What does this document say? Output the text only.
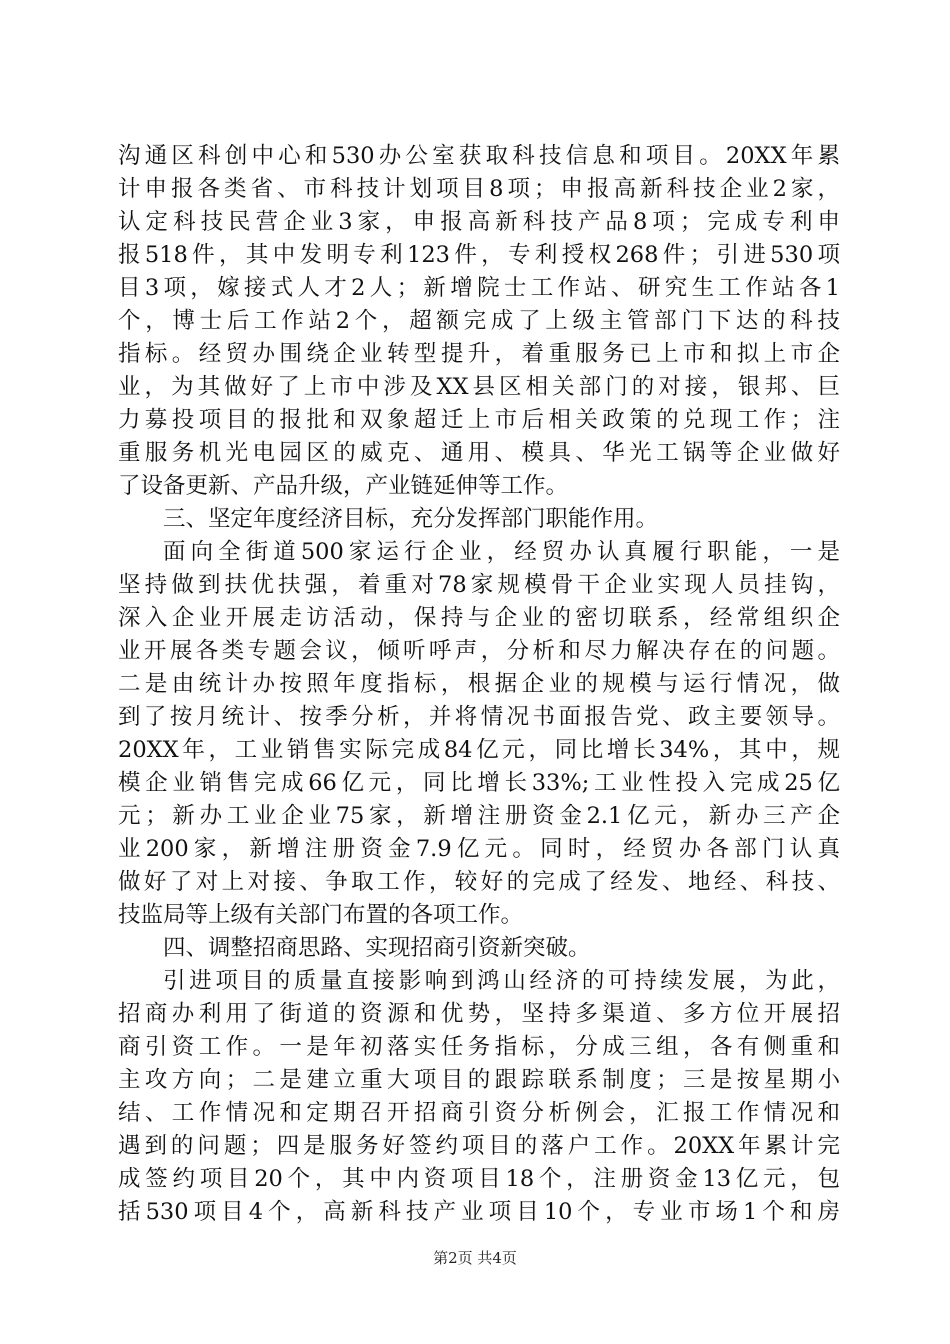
沟通区科创中心和530办公室获取科技信息和项目。20XX年累
计申报各类省、市科技计划项目8项；申报高新科技企业2家，
认定科技民营企业3家，申报高新科技产品8项；完成专利申
报518件，其中发明专利123件，专利授权268件；引进530项
目3项，嫁接式人才2人；新增院士工作站、研究生工作站各1
个，博士后工作站2个，超额完成了上级主管部门下达的科技
指标。经贸办围绕企业转型提升，着重服务已上市和拟上市企
业，为其做好了上市中涉及XX县区相关部门的对接，银邦、巨
力募投项目的报批和双象超迁上市后相关政策的兑现工作；注
重服务机光电园区的威克、通用、模具、华光工锅等企业做好
了设备更新、产品升级，产业链延伸等工作。
三、坚定年度经济目标，充分发挥部门职能作用。
面向全街道500家运行企业，经贸办认真履行职能，一是
坚持做到扶优扶强，着重对78家规模骨干企业实现人员挂钩，
深入企业开展走访活动，保持与企业的密切联系，经常组织企
业开展各类专题会议，倾听呼声，分析和尽力解决存在的问题。
二是由统计办按照年度指标，根据企业的规模与运行情况，做
到了按月统计、按季分析，并将情况书面报告党、政主要领导。
20XX年，工业销售实际完成84亿元，同比增长34%，其中，规
模企业销售完成66亿元，同比增长33%;工业性投入完成25亿
元；新办工业企业75家，新增注册资金2.1亿元，新办三产企
业200家，新增注册资金7.9亿元。同时，经贸办各部门认真
做好了对上对接、争取工作，较好的完成了经发、地经、科技、
技监局等上级有关部门布置的各项工作。
四、调整招商思路、实现招商引资新突破。
引进项目的质量直接影响到鸿山经济的可持续发展，为此，
招商办利用了街道的资源和优势，坚持多渠道、多方位开展招
商引资工作。一是年初落实任务指标，分成三组，各有侧重和
主攻方向；二是建立重大项目的跟踪联系制度；三是按星期小
结、工作情况和定期召开招商引资分析例会，汇报工作情况和
遇到的问题；四是服务好签约项目的落户工作。20XX年累计完
成签约项目20个，其中内资项目18个，注册资金13亿元，包
括530项目4个，高新科技产业项目10个，专业市场1个和房
第2页 共4页
